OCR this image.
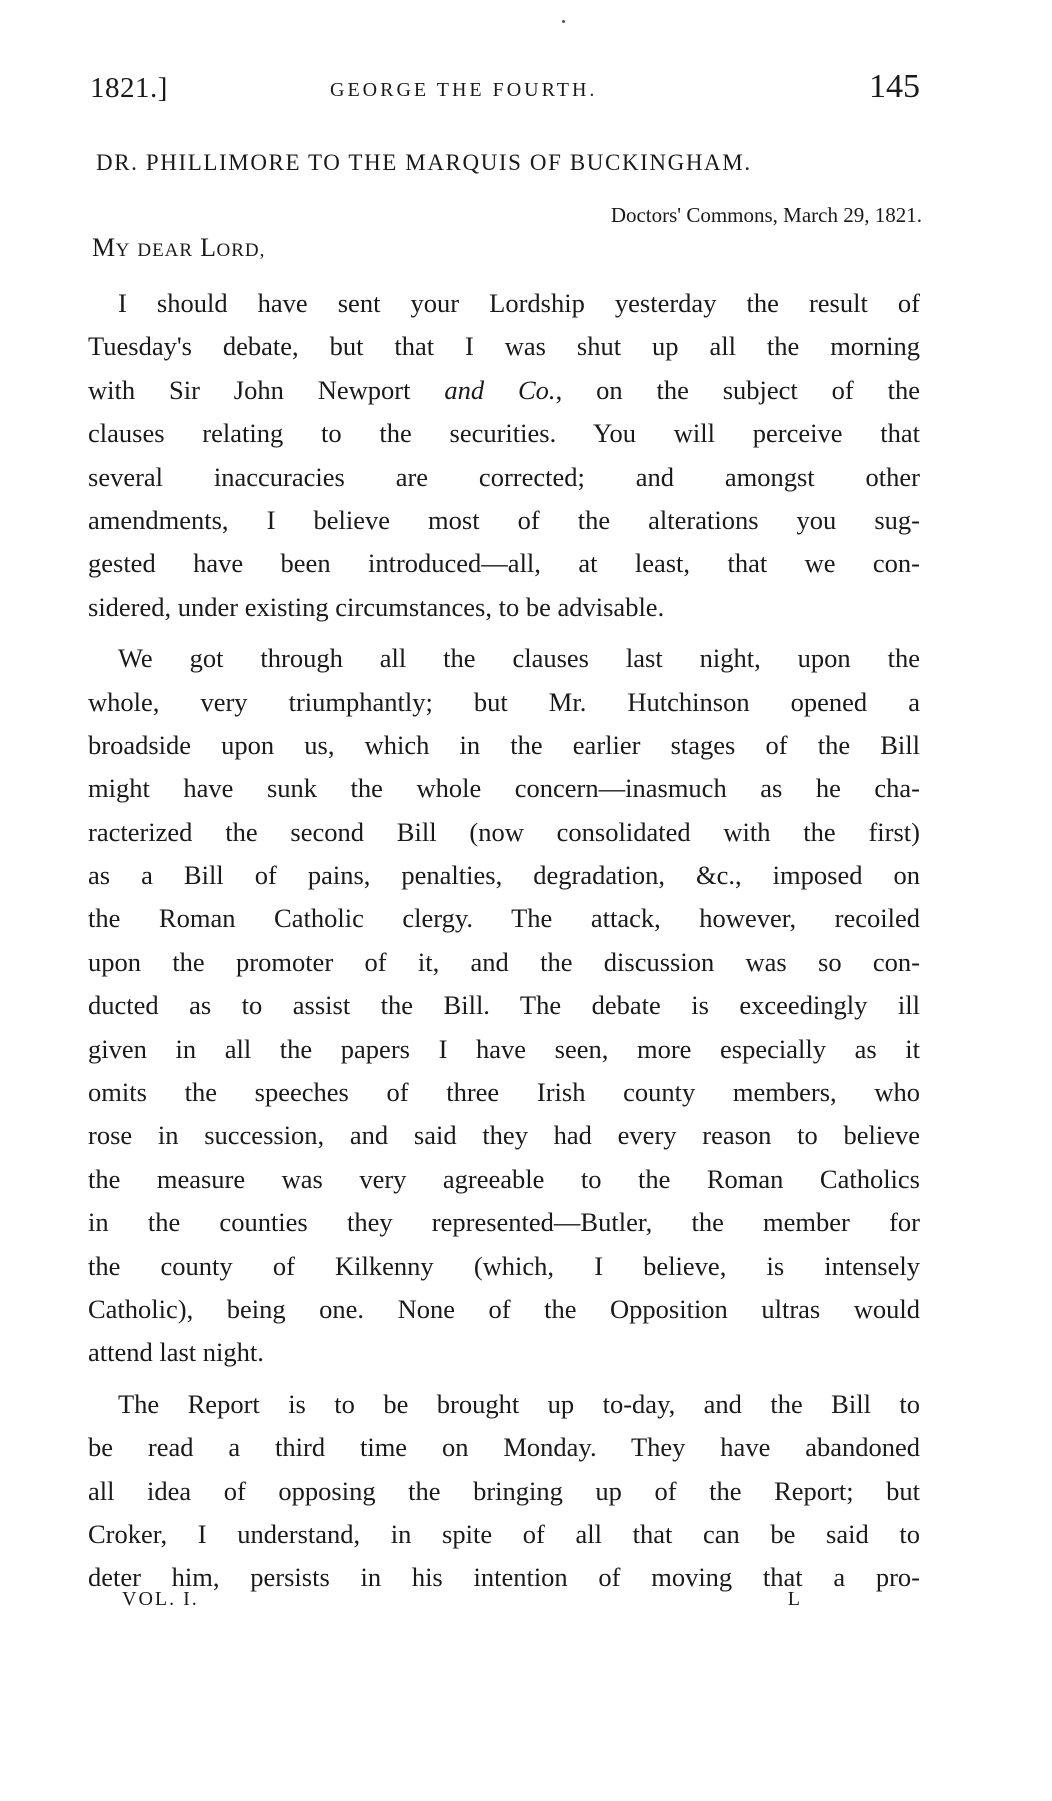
1821.]	GEORGE THE FOURTH.	145
DR. PHILLIMORE TO THE MARQUIS OF BUCKINGHAM.
Doctors' Commons, March 29, 1821.
MY DEAR LORD,
I should have sent your Lordship yesterday the result of
Tuesday's debate, but that I was shut up all the morning
with Sir John Newport and Co., on the subject of the
clauses relating to the securities. You will perceive that
several inaccuracies are corrected; and amongst other
amendments, I believe most of the alterations you sug-
gested have been introduced—all, at least, that we con-
sidered, under existing circumstances, to be advisable.
We got through all the clauses last night, upon the
whole, very triumphantly; but Mr. Hutchinson opened a
broadside upon us, which in the earlier stages of the Bill
might have sunk the whole concern—inasmuch as he cha-
racterized the second Bill (now consolidated with the first)
as a Bill of pains, penalties, degradation, &c., imposed on
the Roman Catholic clergy. The attack, however, recoiled
upon the promoter of it, and the discussion was so con-
ducted as to assist the Bill. The debate is exceedingly ill
given in all the papers I have seen, more especially as it
omits the speeches of three Irish county members, who
rose in succession, and said they had every reason to believe
the measure was very agreeable to the Roman Catholics
in the counties they represented—Butler, the member for
the county of Kilkenny (which, I believe, is intensely
Catholic), being one. None of the Opposition ultras would
attend last night.
The Report is to be brought up to-day, and the Bill to
be read a third time on Monday. They have abandoned
all idea of opposing the bringing up of the Report; but
Croker, I understand, in spite of all that can be said to
deter him, persists in his intention of moving that a pro-
VOL. I.	L
